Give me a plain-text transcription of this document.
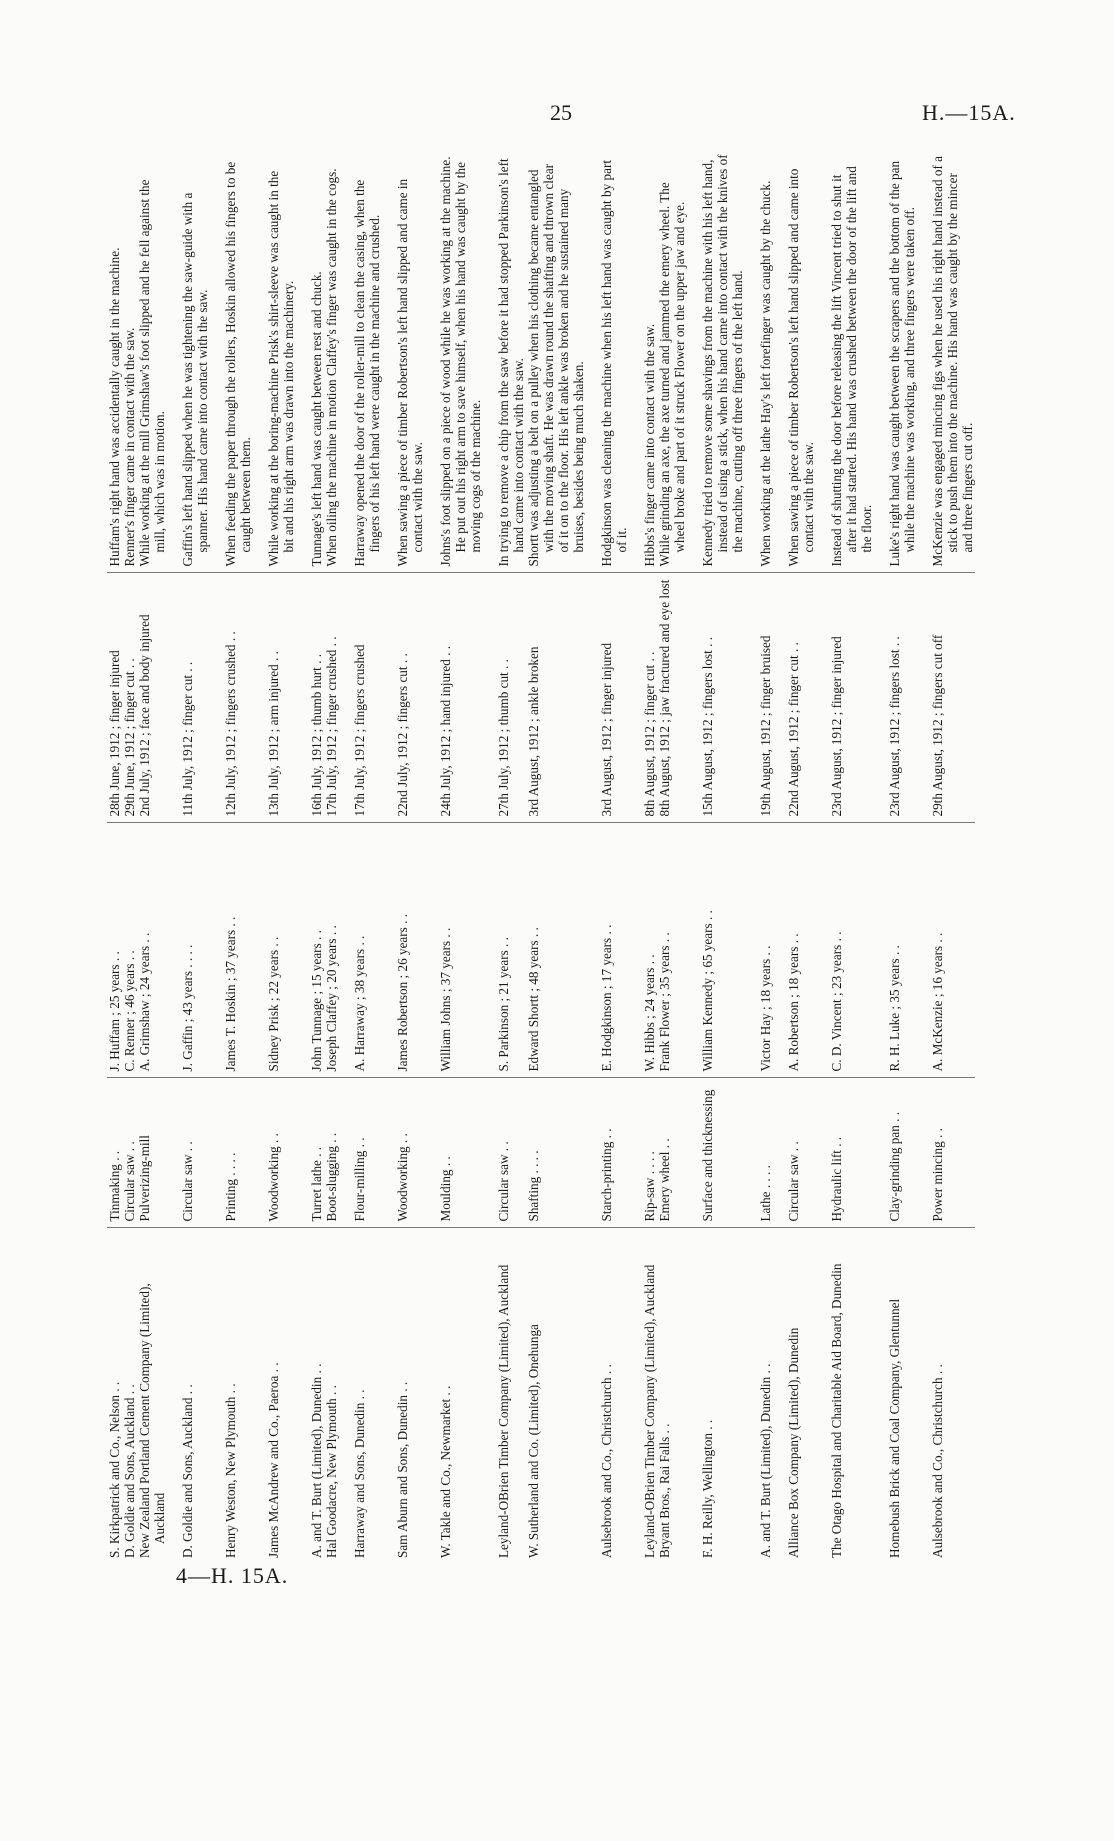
25	H.—15A.
4—H. 15A.
S. Kirkpatrick and Co., Nelson . .	Tinmaking . .	J. Huffam ; 25 years . .	28th June, 1912 ; finger injured	Huffam's right hand was accidentally caught in the machine.

D. Goldie and Sons, Auckland . .	Circular saw . .	C. Renner ; 46 years . .	29th June, 1912 ; finger cut . .	Renner's finger came in contact with the saw.

New Zealand Portland Cement Company (Limited), Auckland	Pulverizing-mill	A. Grimshaw ; 24 years . .	2nd July, 1912 ; face and body injured	While working at the mill Grimshaw's foot slipped and he fell against the mill, which was in motion.

D. Goldie and Sons, Auckland . .	Circular saw . .	J. Gaffin ; 43 years . . . .	11th July, 1912 ; finger cut . .	Gaffin's left hand slipped when he was tightening the saw-guide with a spanner. His hand came into contact with the saw.

Henry Weston, New Plymouth . .	Printing . . . .	James T. Hoskin ; 37 years . .	12th July, 1912 ; fingers crushed . .	When feeding the paper through the rollers, Hoskin allowed his fingers to be caught between them.

James McAndrew and Co., Paeroa . .	Woodworking . .	Sidney Prisk ; 22 years . .	13th July, 1912 ; arm injured . .	While working at the boring-machine Prisk's shirt-sleeve was caught in the bit and his right arm was drawn into the machinery.

A. and T. Burt (Limited), Dunedin . .	Turret lathe . .	John Tunnage ; 15 years . .	16th July, 1912 ; thumb hurt . .	Tunnage's left hand was caught between rest and chuck.

Hal Goodacre, New Plymouth . .	Boot-slugging . .	Joseph Claffey ; 20 years . .	17th July, 1912 ; finger crushed . .	When oiling the machine in motion Claffey's finger was caught in the cogs.

Harraway and Sons, Dunedin . .	Flour-milling . .	A. Harraway ; 38 years . .	17th July, 1912 ; fingers crushed	Harraway opened the door of the roller-mill to clean the casing, when the fingers of his left hand were caught in the machine and crushed.

Sam Aburn and Sons, Dunedin . .	Woodworking . .	James Robertson ; 26 years . .	22nd July, 1912 ; fingers cut . .	When sawing a piece of timber Robertson's left hand slipped and came in contact with the saw.

W. Takle and Co., Newmarket . .	Moulding . .	William Johns ; 37 years . .	24th July, 1912 ; hand injured . .	Johns's foot slipped on a piece of wood while he was working at the machine. He put out his right arm to save himself, when his hand was caught by the moving cogs of the machine.

Leyland-OBrien Timber Company (Limited), Auckland	Circular saw . .	S. Parkinson ; 21 years . .	27th July, 1912 ; thumb cut . .	In trying to remove a chip from the saw before it had stopped Parkinson's left hand came into contact with the saw.

W. Sutherland and Co. (Limited), Onehunga	Shafting . . . .	Edward Shortt ; 48 years . .	3rd August, 1912 ; ankle broken	Shortt was adjusting a belt on a pulley when his clothing became entangled with the moving shaft. He was drawn round the shafting and thrown clear of it on to the floor. His left ankle was broken and he sustained many bruises, besides being much shaken.

Aulsebrook and Co., Christchurch . .	Starch-printing . .	E. Hodgkinson ; 17 years . .	3rd August, 1912 ; finger injured	Hodgkinson was cleaning the machine when his left hand was caught by part of it.

Leyland-OBrien Timber Company (Limited), Auckland	Rip-saw . . . .	W. Hibbs ; 24 years . .	8th August, 1912 ; finger cut . .	Hibbs's finger came into contact with the saw.

Bryant Bros., Rai Falls . .	Emery wheel . .	Frank Flower ; 35 years . .	8th August, 1912 ; jaw fractured and eye lost	While grinding an axe, the axe turned and jammed the emery wheel. The wheel broke and part of it struck Flower on the upper jaw and eye.

F. H. Reilly, Wellington . .	Surface and thicknessing	William Kennedy ; 65 years . .	15th August, 1912 ; fingers lost . .	Kennedy tried to remove some shavings from the machine with his left hand, instead of using a stick, when his hand came into contact with the knives of the machine, cutting off three fingers of the left hand.

A. and T. Burt (Limited), Dunedin . .	Lathe . . . .	Victor Hay ; 18 years . .	19th August, 1912 ; finger bruised	When working at the lathe Hay's left forefinger was caught by the chuck.

Alliance Box Company (Limited), Dunedin	Circular saw . .	A. Robertson ; 18 years . .	22nd August, 1912 ; finger cut . .	When sawing a piece of timber Robertson's left hand slipped and came into contact with the saw.

The Otago Hospital and Charitable Aid Board, Dunedin	Hydraulic lift . .	C. D. Vincent ; 23 years . .	23rd August, 1912 ; finger injured	Instead of shutting the door before releasing the lift Vincent tried to shut it after it had started. His hand was crushed between the door of the lift and the floor.

Homebush Brick and Coal Company, Glentunnel	Clay-grinding pan . .	R. H. Luke ; 35 years . .	23rd August, 1912 ; fingers lost . .	Luke's right hand was caught between the scrapers and the bottom of the pan while the machine was working, and three fingers were taken off.

Aulsebrook and Co., Christchurch . .	Power mincing . .	A. McKenzie ; 16 years . .	29th August, 1912 ; fingers cut off	McKenzie was engaged mincing figs when he used his right hand instead of a stick to push them into the machine. His hand was caught by the mincer and three fingers cut off.
